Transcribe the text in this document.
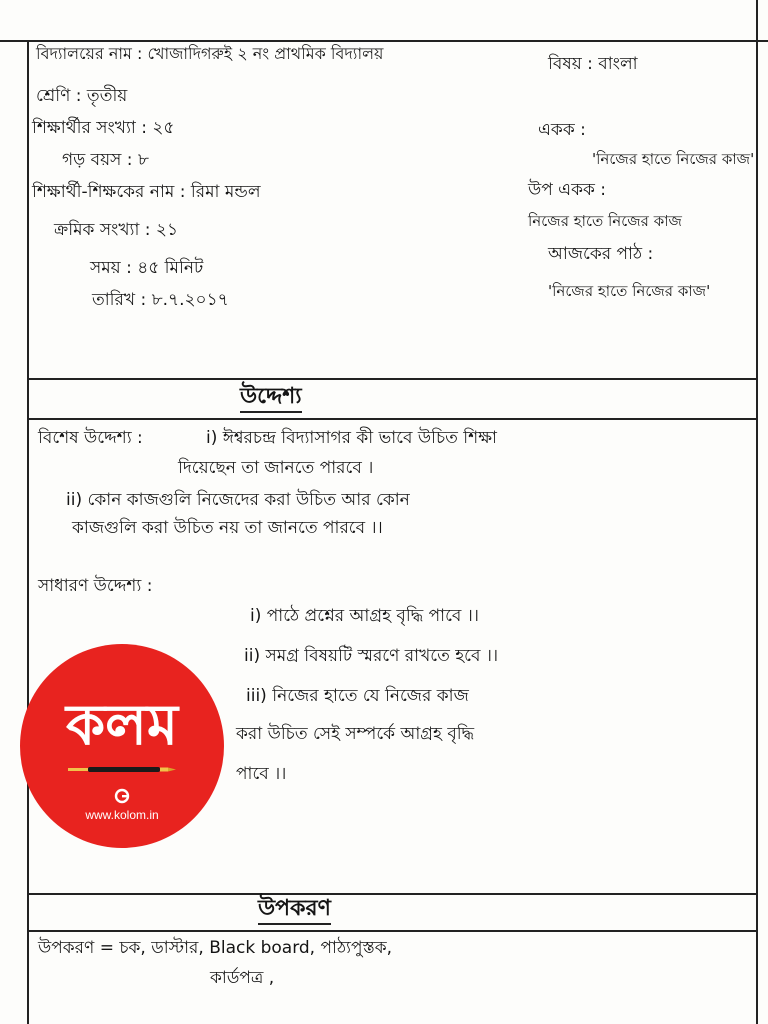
বিদ্যালয়ের নাম : খোজাদিগরুই ২ নং প্রাথমিক বিদ্যালয়
শ্রেণি : তৃতীয়
শিক্ষার্থীর সংখ্যা : ২৫
গড় বয়স : ৮
শিক্ষার্থী-শিক্ষকের নাম : রিমা মন্ডল
ক্রমিক সংখ্যা : ২১
সময় : ৪৫ মিনিট
তারিখ : ৮.৭.২০১৭
বিষয় : বাংলা
একক :
'নিজের হাতে নিজের কাজ'
উপ একক :
নিজের হাতে নিজের কাজ
আজকের পাঠ :
'নিজের হাতে নিজের কাজ'
উদ্দেশ্য
বিশেষ উদ্দেশ্য :	i) ঈশ্বরচন্দ্র বিদ্যাসাগর কী ভাবে উচিত শিক্ষা
দিয়েছেন তা জানতে পারবে ।
ii) কোন কাজগুলি নিজেদের করা উচিত আর কোন
কাজগুলি করা উচিত নয় তা জানতে পারবে ।।
সাধারণ উদ্দেশ্য :
i) পাঠে প্রশ্নের আগ্রহ বৃদ্ধি পাবে ।।
ii) সমগ্র বিষয়টি স্মরণে রাখতে হবে ।।
iii) নিজের হাতে যে নিজের কাজ
করা উচিত সেই সম্পর্কে আগ্রহ বৃদ্ধি
পাবে ।।
উপকরণ
উপকরণ = চক, ডাস্টার, Black board, পাঠ্যপুস্তক,
কার্ডপত্র ,
কলম
www.kolom.in
